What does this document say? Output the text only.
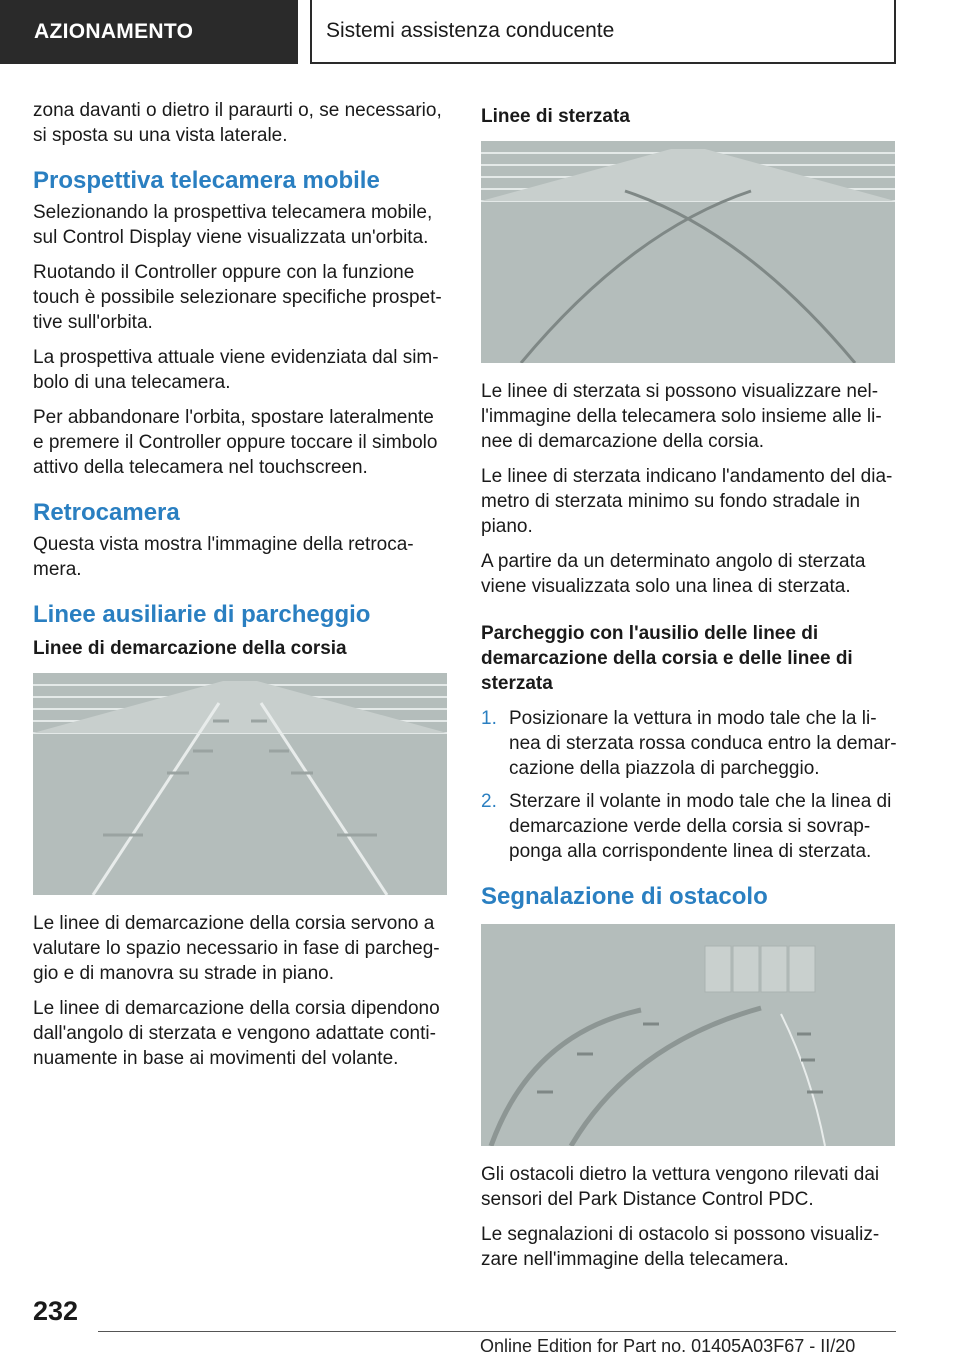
AZIONAMENTO	Sistemi assistenza conducente

zona davanti o dietro il paraurti o, se necessario, si sposta su una vista laterale.

Prospettiva telecamera mobile

Selezionando la prospettiva telecamera mobile, sul Control Display viene visualizzata un'orbita.

Ruotando il Controller oppure con la funzione touch è possibile selezionare specifiche prospet-tive sull'orbita.

La prospettiva attuale viene evidenziata dal sim-bolo di una telecamera.

Per abbandonare l'orbita, spostare lateralmente e premere il Controller oppure toccare il simbolo attivo della telecamera nel touchscreen.

Retrocamera

Questa vista mostra l'immagine della retroca-mera.

Linee ausiliarie di parcheggio
Linee di demarcazione della corsia

Le linee di demarcazione della corsia servono a valutare lo spazio necessario in fase di parcheg-gio e di manovra su strade in piano.

Le linee di demarcazione della corsia dipendono dall'angolo di sterzata e vengono adattate conti-nuamente in base ai movimenti del volante.

Linee di sterzata

Le linee di sterzata si possono visualizzare nel-l'immagine della telecamera solo insieme alle li-nee di demarcazione della corsia.

Le linee di sterzata indicano l'andamento del dia-metro di sterzata minimo su fondo stradale in piano.

A partire da un determinato angolo di sterzata viene visualizzata solo una linea di sterzata.

Parcheggio con l'ausilio delle linee di demarcazione della corsia e delle linee di sterzata
1. Posizionare la vettura in modo tale che la li-nea di sterzata rossa conduca entro la demar-cazione della piazzola di parcheggio.
2. Sterzare il volante in modo tale che la linea di demarcazione verde della corsia si sovrap-ponga alla corrispondente linea di sterzata.
Segnalazione di ostacolo

Gli ostacoli dietro la vettura vengono rilevati dai sensori del Park Distance Control PDC.

Le segnalazioni di ostacolo si possono visualiz-zare nell'immagine della telecamera.

232
Online Edition for Part no. 01405A03F67 - II/20
